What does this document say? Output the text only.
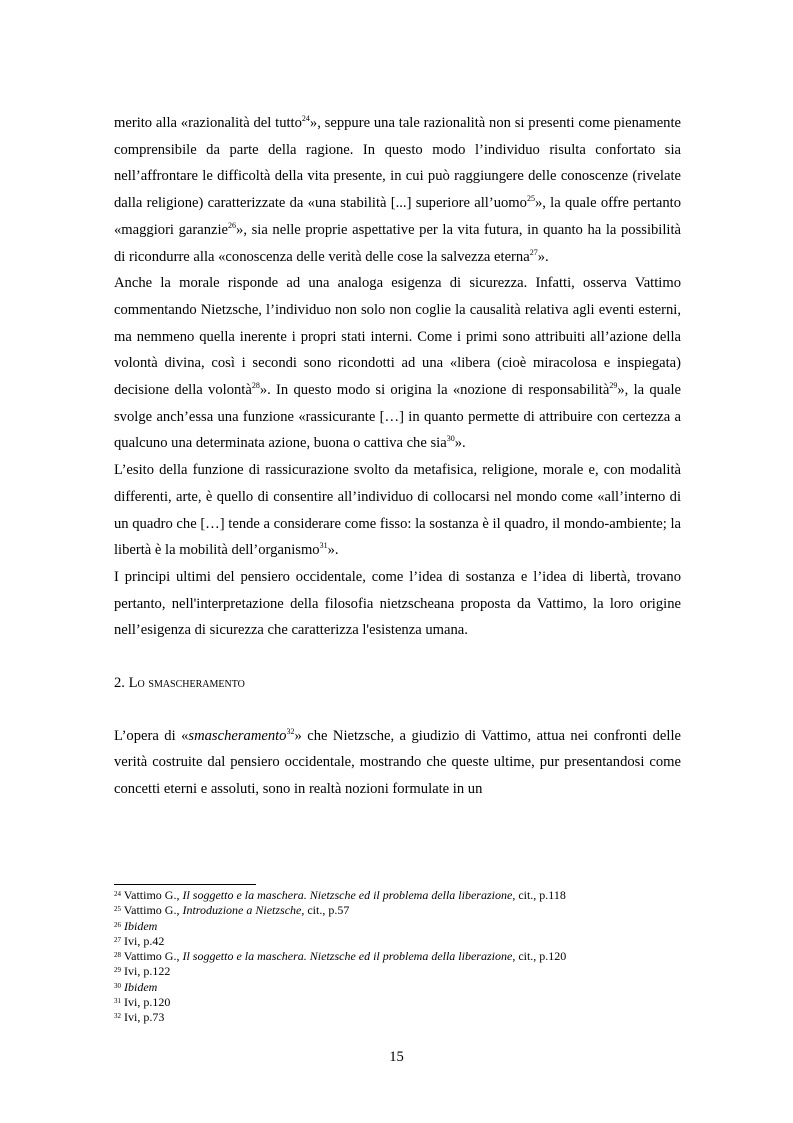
merito alla «razionalità del tutto$^{24}$», seppure una tale razionalità non si presenti come pienamente comprensibile da parte della ragione. In questo modo l’individuo risulta confortato sia nell’affrontare le difficoltà della vita presente, in cui può raggiungere delle conoscenze (rivelate dalla religione) caratterizzate da «una stabilità [...] superiore all’uomo$^{25}$», la quale offre pertanto «maggiori garanzie$^{26}$», sia nelle proprie aspettative per la vita futura, in quanto ha la possibilità di ricondurre alla «conoscenza delle verità delle cose la salvezza eterna$^{27}$».

Anche la morale risponde ad una analoga esigenza di sicurezza. Infatti, osserva Vattimo commentando Nietzsche, l’individuo non solo non coglie la causalità relativa agli eventi esterni, ma nemmeno quella inerente i propri stati interni. Come i primi sono attribuiti all’azione della volontà divina, così i secondi sono ricondotti ad una «libera (cioè miracolosa e inspiegata) decisione della volontà$^{28}$». In questo modo si origina la «nozione di responsabilità$^{29}$», la quale svolge anch’essa una funzione «rassicurante […] in quanto permette di attribuire con certezza a qualcuno una determinata azione, buona o cattiva che sia$^{30}$».

L’esito della funzione di rassicurazione svolto da metafisica, religione, morale e, con modalità differenti, arte, è quello di consentire all’individuo di collocarsi nel mondo come «all’interno di un quadro che […] tende a considerare come fisso: la sostanza è il quadro, il mondo-ambiente; la libertà è la mobilità dell’organismo$^{31}$».

I principi ultimi del pensiero occidentale, come l’idea di sostanza e l’idea di libertà, trovano pertanto, nell'interpretazione della filosofia nietzscheana proposta da Vattimo, la loro origine nell’esigenza di sicurezza che caratterizza l'esistenza umana.

2. Lo smascheramento

L’opera di «smascheramento$^{32}$» che Nietzsche, a giudizio di Vattimo, attua nei confronti delle verità costruite dal pensiero occidentale, mostrando che queste ultime, pur presentandosi come concetti eterni e assoluti, sono in realtà nozioni formulate in un

$^{24}$ Vattimo G., Il soggetto e la maschera. Nietzsche ed il problema della liberazione, cit., p.118

$^{25}$ Vattimo G., Introduzione a Nietzsche, cit., p.57

$^{26}$ Ibidem

$^{27}$ Ivi, p.42

$^{28}$ Vattimo G., Il soggetto e la maschera. Nietzsche ed il problema della liberazione, cit., p.120

$^{29}$ Ivi, p.122

$^{30}$ Ibidem

$^{31}$ Ivi, p.120

$^{32}$ Ivi, p.73

15
